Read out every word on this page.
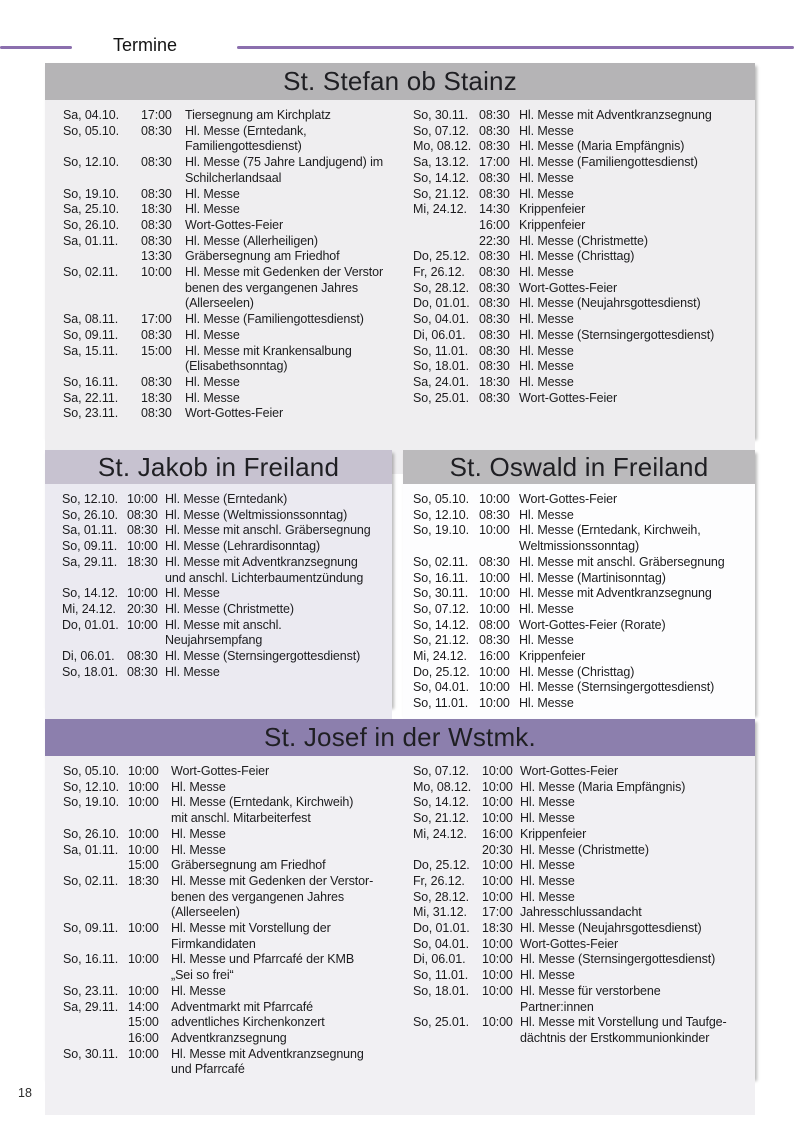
Termine
St. Stefan ob Stainz
Sa, 04.10.	17:00	Tiersegnung am Kirchplatz
So, 05.10.	08:30	Hl. Messe (Erntedank,
Familiengottesdienst)
So, 12.10.	08:30	Hl. Messe (75 Jahre Landjugend) im
Schilcherlandsaal
So, 19.10.	08:30	Hl. Messe
Sa, 25.10.	18:30	Hl. Messe
So, 26.10.	08:30	Wort-Gottes-Feier
Sa, 01.11.	08:30	Hl. Messe (Allerheiligen)
13:30	Gräbersegnung am Friedhof
So, 02.11.	10:00	Hl. Messe mit Gedenken der Verstor
benen des vergangenen Jahres
(Allerseelen)
Sa, 08.11.	17:00	Hl. Messe (Familiengottesdienst)
So, 09.11.	08:30	Hl. Messe
Sa, 15.11.	15:00	Hl. Messe mit Krankensalbung
(Elisabethsonntag)
So, 16.11.	08:30	Hl. Messe
Sa, 22.11.	18:30	Hl. Messe
So, 23.11.	08:30	Wort-Gottes-Feier
So, 30.11. 08:30 Hl. Messe mit Adventkranzsegnung
So, 07.12. 08:30 Hl. Messe
Mo, 08.12. 08:30 Hl. Messe (Maria Empfängnis)
Sa, 13.12. 17:00 Hl. Messe (Familiengottesdienst)
So, 14.12. 08:30 Hl. Messe
So, 21.12. 08:30 Hl. Messe
Mi, 24.12. 14:30 Krippenfeier
16:00 Krippenfeier
22:30 Hl. Messe (Christmette)
Do, 25.12. 08:30 Hl. Messe (Christtag)
Fr, 26.12.	08:30 Hl. Messe
So, 28.12. 08:30 Wort-Gottes-Feier
Do, 01.01. 08:30 Hl. Messe (Neujahrsgottesdienst)
So, 04.01. 08:30 Hl. Messe
Di, 06.01.	08:30 Hl. Messe (Sternsingergottesdienst)
So, 11.01. 08:30 Hl. Messe
So, 18.01. 08:30 Hl. Messe
Sa, 24.01. 18:30 Hl. Messe
So, 25.01. 08:30 Wort-Gottes-Feier
St. Jakob in Freiland
So, 12.10. 10:00 Hl. Messe (Erntedank)
So, 26.10. 08:30 Hl. Messe (Weltmissionssonntag)
Sa, 01.11. 08:30 Hl. Messe mit anschl. Gräbersegnung
So, 09.11. 10:00 Hl. Messe (Lehrardisonntag)
Sa, 29.11. 18:30 Hl. Messe mit Adventkranzsegnung
und anschl. Lichterbaumentzündung
So, 14.12. 10:00 Hl. Messe
Mi, 24.12. 20:30 Hl. Messe (Christmette)
Do, 01.01. 10:00 Hl. Messe mit anschl.
Neujahrsempfang
Di, 06.01. 08:30 Hl. Messe (Sternsingergottesdienst)
So, 18.01. 08:30 Hl. Messe
St. Oswald in Freiland
So, 05.10. 10:00 Wort-Gottes-Feier
So, 12.10. 08:30 Hl. Messe
So, 19.10. 10:00 Hl. Messe (Erntedank, Kirchweih,
Weltmissionssonntag)
So, 02.11. 08:30 Hl. Messe mit anschl. Gräbersegnung
So, 16.11. 10:00 Hl. Messe (Martinisonntag)
So, 30.11. 10:00 Hl. Messe mit Adventkranzsegnung
So, 07.12. 10:00 Hl. Messe
So, 14.12. 08:00 Wort-Gottes-Feier (Rorate)
So, 21.12. 08:30 Hl. Messe
Mi, 24.12. 16:00 Krippenfeier
Do, 25.12. 10:00 Hl. Messe (Christtag)
So, 04.01. 10:00 Hl. Messe (Sternsingergottesdienst)
So, 11.01. 10:00 Hl. Messe
St. Josef in der Wstmk.
So, 05.10. 10:00 Wort-Gottes-Feier
So, 12.10. 10:00 Hl. Messe
So, 19.10. 10:00 Hl. Messe (Erntedank, Kirchweih)
mit anschl. Mitarbeiterfest
So, 26.10. 10:00 Hl. Messe
Sa, 01.11. 10:00 Hl. Messe
15:00 Gräbersegnung am Friedhof
So, 02.11. 18:30 Hl. Messe mit Gedenken der Verstor-
benen des vergangenen Jahres
(Allerseelen)
So, 09.11. 10:00 Hl. Messe mit Vorstellung der
Firmkandidaten
So, 16.11. 10:00 Hl. Messe und Pfarrcafé der KMB
„Sei so frei“
So, 23.11. 10:00 Hl. Messe
Sa, 29.11. 14:00 Adventmarkt mit Pfarrcafé
15:00 adventliches Kirchenkonzert
16:00 Adventkranzsegnung
So, 30.11. 10:00 Hl. Messe mit Adventkranzsegnung
und Pfarrcafé
So, 07.12.	10:00 Wort-Gottes-Feier
Mo, 08.12. 10:00 Hl. Messe (Maria Empfängnis)
So, 14.12.	10:00 Hl. Messe
So, 21.12.	10:00 Hl. Messe
Mi, 24.12.	16:00 Krippenfeier
20:30 Hl. Messe (Christmette)
Do, 25.12. 10:00 Hl. Messe
Fr, 26.12.	10:00 Hl. Messe
So, 28.12.	10:00 Hl. Messe
Mi, 31.12.	17:00 Jahresschlussandacht
Do, 01.01. 18:30 Hl. Messe (Neujahrsgottesdienst)
So, 04.01.	10:00 Wort-Gottes-Feier
Di, 06.01.	10:00 Hl. Messe (Sternsingergottesdienst)
So, 11.01.	10:00 Hl. Messe
So, 18.01.	10:00 Hl. Messe für verstorbene
Partner:innen
So, 25.01.	10:00 Hl. Messe mit Vorstellung und Taufge-
dächtnis der Erstkommunionkinder
18
